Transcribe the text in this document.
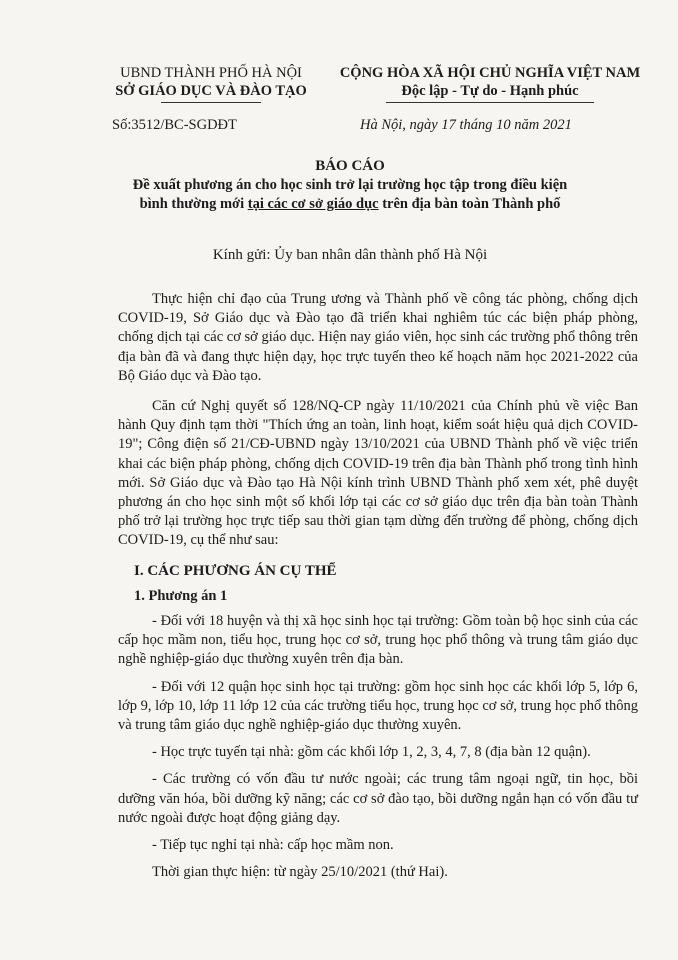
UBND THÀNH PHỐ HÀ NỘI
SỞ GIÁO DỤC VÀ ĐÀO TẠO
CỘNG HÒA XÃ HỘI CHỦ NGHĨA VIỆT NAM
Độc lập - Tự do - Hạnh phúc
Số:3512/BC-SGDĐT	Hà Nội, ngày 17 tháng 10 năm 2021
BÁO CÁO
Đề xuất phương án cho học sinh trở lại trường học tập trong điều kiện
bình thường mới tại các cơ sở giáo dục trên địa bàn toàn Thành phố
Kính gửi: Ủy ban nhân dân thành phố Hà Nội

Thực hiện chỉ đạo của Trung ương và Thành phố về công tác phòng, chống dịch COVID-19, Sở Giáo dục và Đào tạo đã triển khai nghiêm túc các biện pháp phòng, chống dịch tại các cơ sở giáo dục. Hiện nay giáo viên, học sinh các trường phổ thông trên địa bàn đã và đang thực hiện dạy, học trực tuyến theo kế hoạch năm học 2021-2022 của Bộ Giáo dục và Đào tạo.

Căn cứ Nghị quyết số 128/NQ-CP ngày 11/10/2021 của Chính phủ về việc Ban hành Quy định tạm thời "Thích ứng an toàn, linh hoạt, kiểm soát hiệu quả dịch COVID-19"; Công điện số 21/CĐ-UBND ngày 13/10/2021 của UBND Thành phố về việc triển khai các biện pháp phòng, chống dịch COVID-19 trên địa bàn Thành phố trong tình hình mới. Sở Giáo dục và Đào tạo Hà Nội kính trình UBND Thành phố xem xét, phê duyệt phương án cho học sinh một số khối lớp tại các cơ sở giáo dục trên địa bàn toàn Thành phố trở lại trường học trực tiếp sau thời gian tạm dừng đến trường để phòng, chống dịch COVID-19, cụ thể như sau:

I. CÁC PHƯƠNG ÁN CỤ THỂ
1. Phương án 1

- Đối với 18 huyện và thị xã học sinh học tại trường: Gồm toàn bộ học sinh của các cấp học mầm non, tiểu học, trung học cơ sở, trung học phổ thông và trung tâm giáo dục nghề nghiệp-giáo dục thường xuyên trên địa bàn.

- Đối với 12 quận học sinh học tại trường: gồm học sinh học các khối lớp 5, lớp 6, lớp 9, lớp 10, lớp 11 lớp 12 của các trường tiểu học, trung học cơ sở, trung học phổ thông và trung tâm giáo dục nghề nghiệp-giáo dục thường xuyên.

- Học trực tuyến tại nhà: gồm các khối lớp 1, 2, 3, 4, 7, 8 (địa bàn 12 quận).

- Các trường có vốn đầu tư nước ngoài; các trung tâm ngoại ngữ, tin học, bồi dưỡng văn hóa, bồi dưỡng kỹ năng; các cơ sở đào tạo, bồi dưỡng ngắn hạn có vốn đầu tư nước ngoài được hoạt động giảng dạy.

- Tiếp tục nghỉ tại nhà: cấp học mầm non.

Thời gian thực hiện: từ ngày 25/10/2021 (thứ Hai).
